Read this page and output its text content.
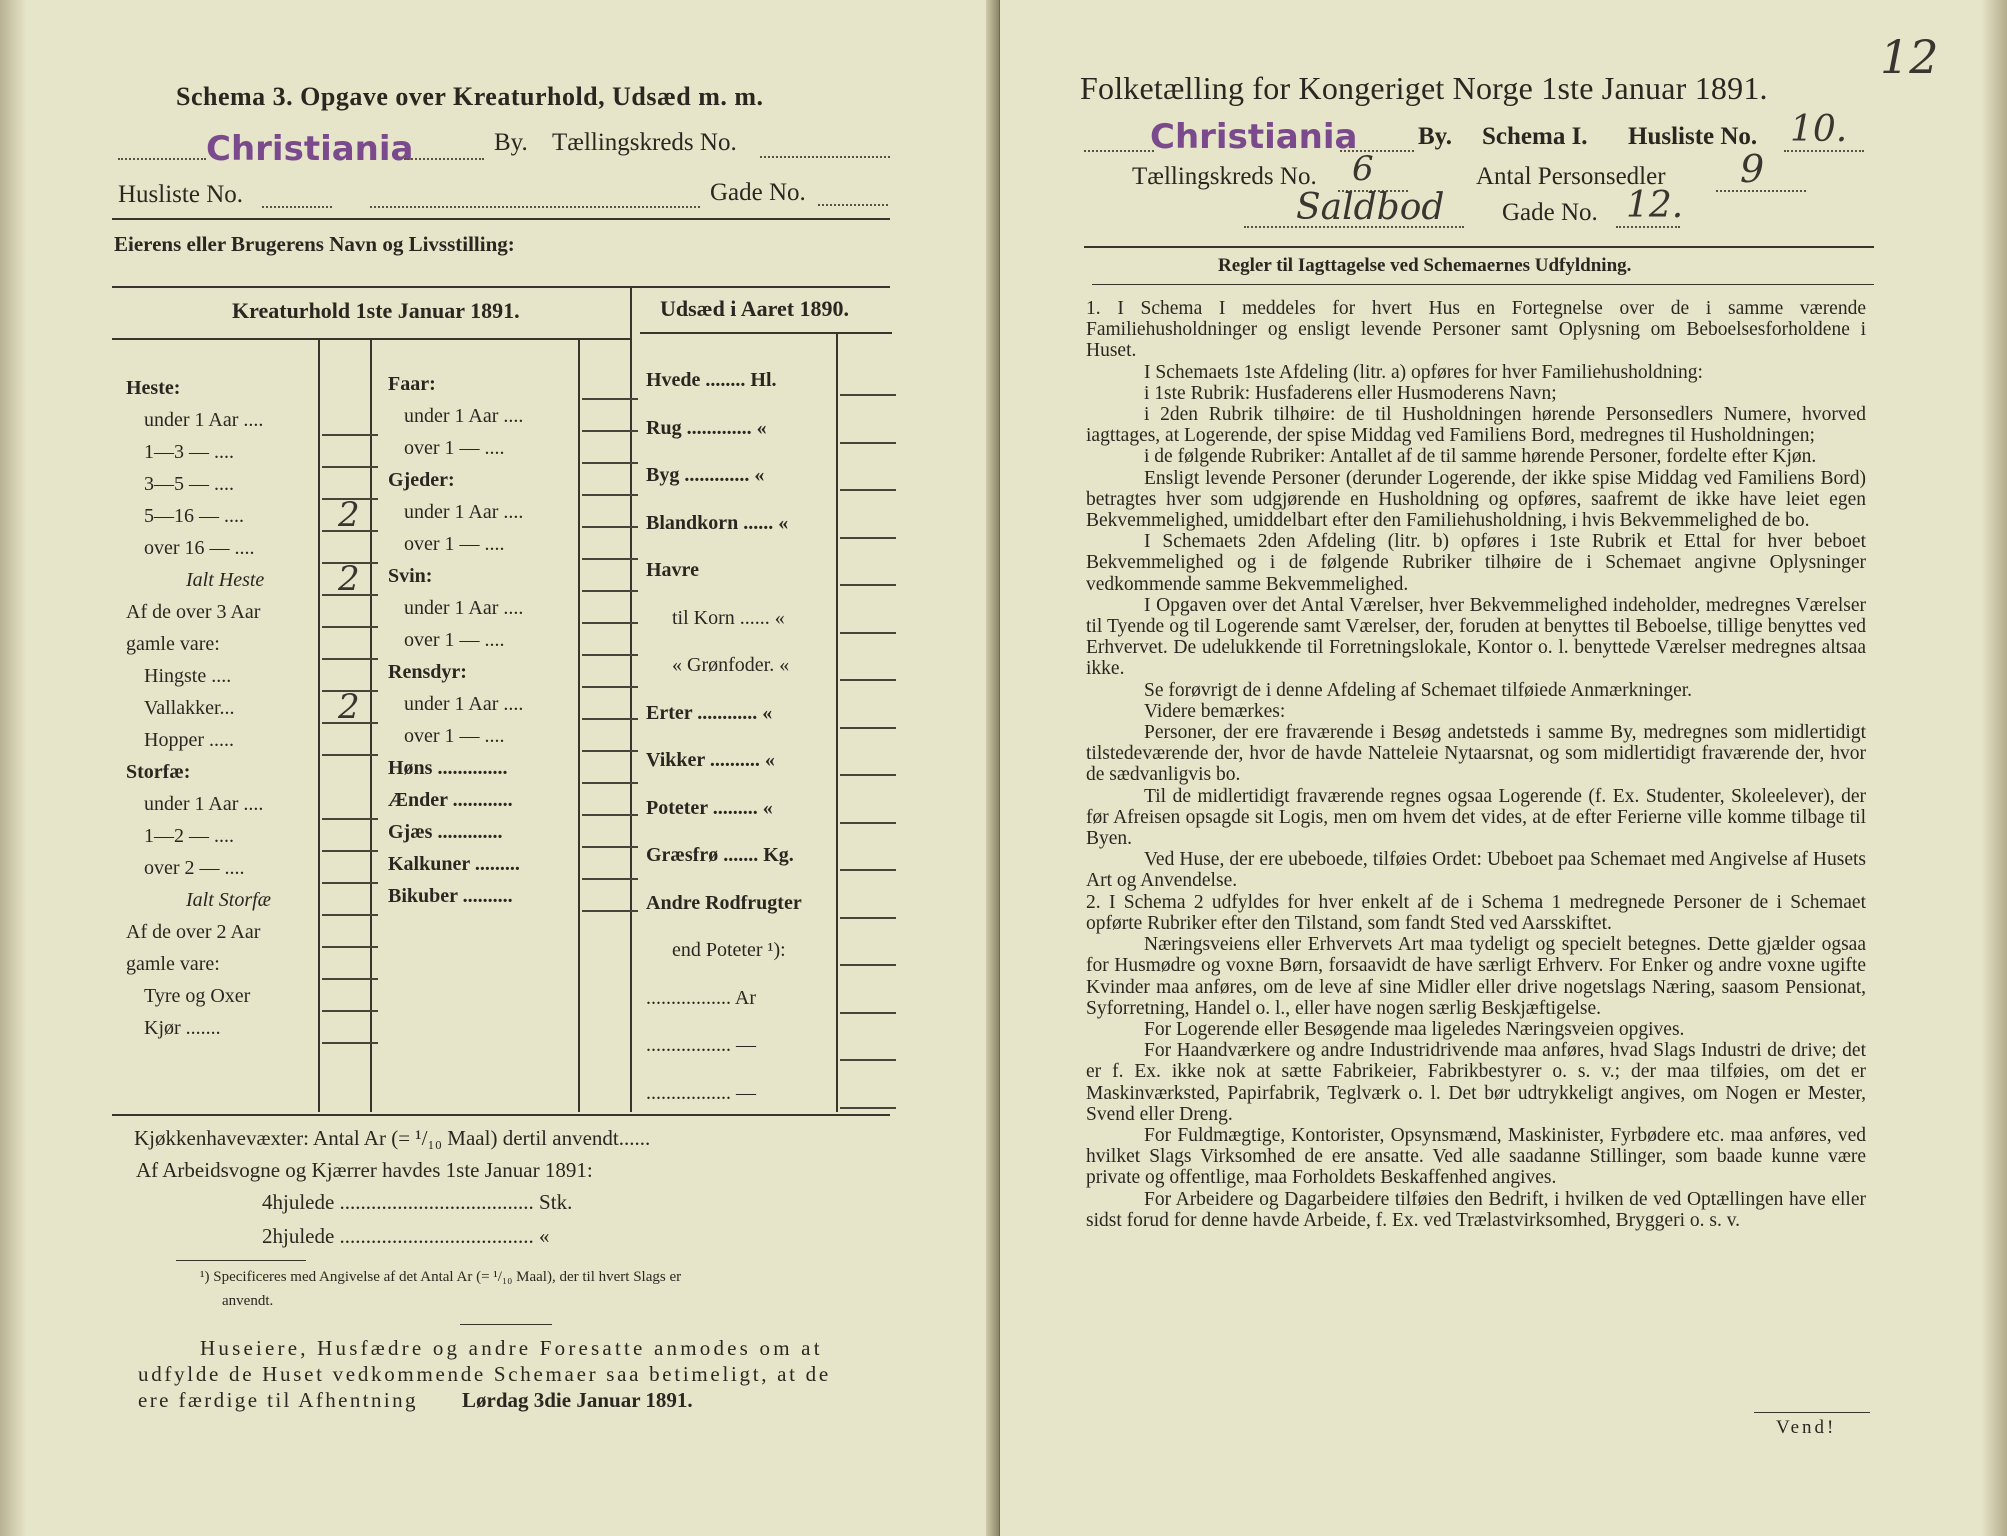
Schema 3. Opgave over Kreaturhold, Udsæd m. m.
Christiania	By. Tællingskreds No.
Husliste No.	Gade No.
Eierens eller Brugerens Navn og Livsstilling:
Kreaturhold 1ste Januar 1891.	Udsæd i Aaret 1890.
Heste:
under 1 Aar ....
1—3 — ....
3—5 — ....
5—16 — ....	2
over 16 — ....
Ialt Heste 2
Af de over 3 Aar
gamle vare:
Hingste ....
Vallakker...	2
Hopper .....
Storfæ:
under 1 Aar ....
1—2 — ....
over 2 — ....
Ialt Storfæ
Af de over 2 Aar
gamle vare:
Tyre og Oxer
Kjør .......
Faar:
under 1 Aar ....
over 1 — ....
Gjeder:
under 1 Aar ....
over 1 — ....
Svin:
under 1 Aar ....
over 1 — ....
Rensdyr:
under 1 Aar ....
over 1 — ....
Høns ..............
Ænder ............
Gjæs .............
Kalkuner .........
Bikuber ..........
Hvede ........ Hl.
Rug ............. «
Byg ............. «
Blandkorn ...... «
Havre
til Korn ...... «
« Grønfoder. «
Erter ............ «
Vikker .......... «
Poteter ......... «
Græsfrø ....... Kg.
Andre Rodfrugter
end Poteter ¹):
................. Ar
................. —
................. —
Kjøkkenhavevæxter: Antal Ar (= ¹/₁₀ Maal) dertil anvendt......
Af Arbeidsvogne og Kjærrer havdes 1ste Januar 1891:
4hjulede ..................................... Stk.
2hjulede ..................................... «
¹) Specificeres med Angivelse af det Antal Ar (= ¹/₁₀ Maal), der til hvert Slags er
anvendt.
Huseiere, Husfædre og andre Foresatte anmodes om at
udfylde de Huset vedkommende Schemaer saa betimeligt, at de
ere færdige til Afhentning Lørdag 3die Januar 1891.
12
Folketælling for Kongeriget Norge 1ste Januar 1891.
Christiania By. Schema I. Husliste No. 10.
Tællingskreds No. 6	Antal Personsedler 9
Saldbod Gade No. 12.
Regler til Iagttagelse ved Schemaernes Udfyldning.

1. I Schema I meddeles for hvert Hus en Fortegnelse over de i samme værende Familiehusholdninger og ensligt levende Personer samt Oplysning om Beboelsesforholdene i Huset.
I Schemaets 1ste Afdeling (litr. a) opføres for hver Familiehusholdning:
i 1ste Rubrik: Husfaderens eller Husmoderens Navn;
i 2den Rubrik tilhøire: de til Husholdningen hørende Personsedlers Numere, hvorved iagttages, at Logerende, der spise Middag ved Familiens Bord, medregnes til Husholdningen;
i de følgende Rubriker: Antallet af de til samme hørende Personer, fordelte efter Kjøn.
Ensligt levende Personer (derunder Logerende, der ikke spise Middag ved Familiens Bord) betragtes hver som udgjørende en Husholdning og opføres, saafremt de ikke have leiet egen Bekvemmelighed, umiddelbart efter den Familiehusholdning, i hvis Bekvemmelighed de bo.
I Schemaets 2den Afdeling (litr. b) opføres i 1ste Rubrik et Ettal for hver beboet Bekvemmelighed og i de følgende Rubriker tilhøire de i Schemaet angivne Oplysninger vedkommende samme Bekvemmelighed.
I Opgaven over det Antal Værelser, hver Bekvemmelighed indeholder, medregnes Værelser til Tyende og til Logerende samt Værelser, der, foruden at benyttes til Beboelse, tillige benyttes ved Erhvervet. De udelukkende til Forretningslokale, Kontor o. l. benyttede Værelser medregnes altsaa ikke.
Se forøvrigt de i denne Afdeling af Schemaet tilføiede Anmærkninger.
Videre bemærkes:
Personer, der ere fraværende i Besøg andetsteds i samme By, medregnes som midlertidigt tilstedeværende der, hvor de havde Natteleie Nytaarsnat, og som midlertidigt fraværende der, hvor de sædvanligvis bo.
Til de midlertidigt fraværende regnes ogsaa Logerende (f. Ex. Studenter, Skoleelever), der før Afreisen opsagde sit Logis, men om hvem det vides, at de efter Ferierne ville komme tilbage til Byen.
Ved Huse, der ere ubeboede, tilføies Ordet: Ubeboet paa Schemaet med Angivelse af Husets Art og Anvendelse.
2. I Schema 2 udfyldes for hver enkelt af de i Schema 1 medregnede Personer de i Schemaet opførte Rubriker efter den Tilstand, som fandt Sted ved Aarsskiftet.
Næringsveiens eller Erhvervets Art maa tydeligt og specielt betegnes. Dette gjælder ogsaa for Husmødre og voxne Børn, forsaavidt de have særligt Erhverv. For Enker og andre voxne ugifte Kvinder maa anføres, om de leve af sine Midler eller drive nogetslags Næring, saasom Pensionat, Syforretning, Handel o. l., eller have nogen særlig Beskjæftigelse.
For Logerende eller Besøgende maa ligeledes Næringsveien opgives.
For Haandværkere og andre Industridrivende maa anføres, hvad Slags Industri de drive; det er f. Ex. ikke nok at sætte Fabrikeier, Fabrikbestyrer o. s. v.; der maa tilføies, om det er Maskinværksted, Papirfabrik, Teglværk o. l. Det bør udtrykkeligt angives, om Nogen er Mester, Svend eller Dreng.
For Fuldmægtige, Kontorister, Opsynsmænd, Maskinister, Fyrbødere etc. maa anføres, ved hvilket Slags Virksomhed de ere ansatte. Ved alle saadanne Stillinger, som baade kunne være private og offentlige, maa Forholdets Beskaffenhed angives.
For Arbeidere og Dagarbeidere tilføies den Bedrift, i hvilken de ved Optællingen have eller sidst forud for denne havde Arbeide, f. Ex. ved Trælastvirksomhed, Bryggeri o. s. v.

Vend!
